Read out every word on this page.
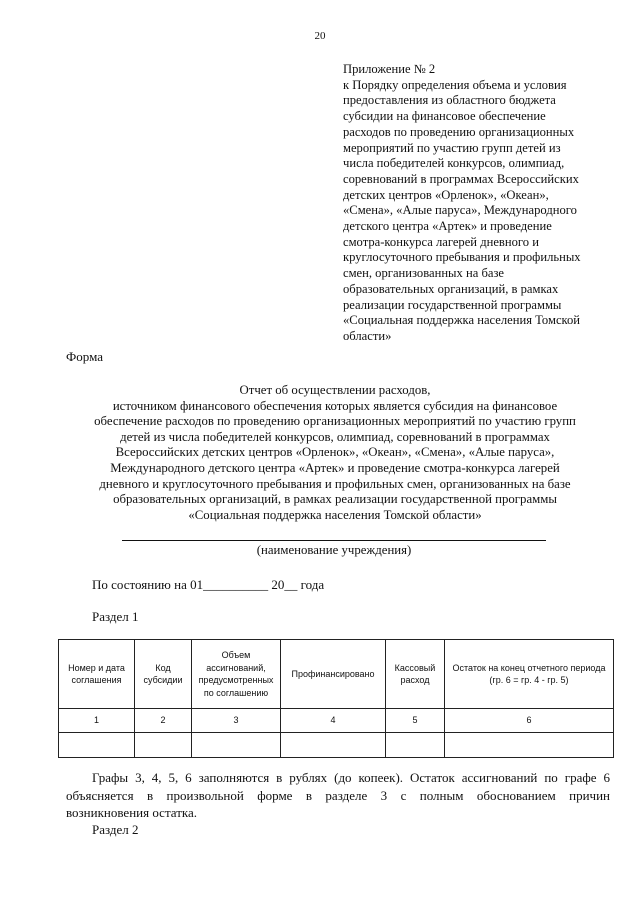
20
Приложение № 2
к Порядку определения объема и условия
предоставления из областного бюджета
субсидии на финансовое обеспечение
расходов по проведению организационных
мероприятий по участию групп детей из
числа победителей конкурсов, олимпиад,
соревнований в программах Всероссийских
детских центров «Орленок», «Океан»,
«Смена», «Алые паруса», Международного
детского центра «Артек» и проведение
смотра-конкурса лагерей дневного и
круглосуточного пребывания и профильных
смен, организованных на базе
образовательных организаций, в рамках
реализации государственной программы
«Социальная поддержка населения Томской
области»
Форма
Отчет об осуществлении расходов,
источником финансового обеспечения которых является субсидия на финансовое
обеспечение расходов по проведению организационных мероприятий по участию групп
детей из числа победителей конкурсов, олимпиад, соревнований в программах
Всероссийских детских центров «Орленок», «Океан», «Смена», «Алые паруса»,
Международного детского центра «Артек» и проведение смотра-конкурса лагерей
дневного и круглосуточного пребывания и профильных смен, организованных на базе
образовательных организаций, в рамках реализации государственной программы
«Социальная поддержка населения Томской области»
(наименование учреждения)
По состоянию на 01__________ 20__ года
Раздел 1
Номер и дата соглашения	Код субсидии	Объем ассигнований, предусмотренных по соглашению	Профинансировано	Кассовый расход	Остаток на конец отчетного периода (гр. 6 = гр. 4 - гр. 5)
1	2	3	4	5	6

Графы 3, 4, 5, 6 заполняются в рублях (до копеек). Остаток ассигнований по графе 6
объясняется в произвольной форме в разделе 3 с полным обоснованием причин
возникновения остатка.
Раздел 2
